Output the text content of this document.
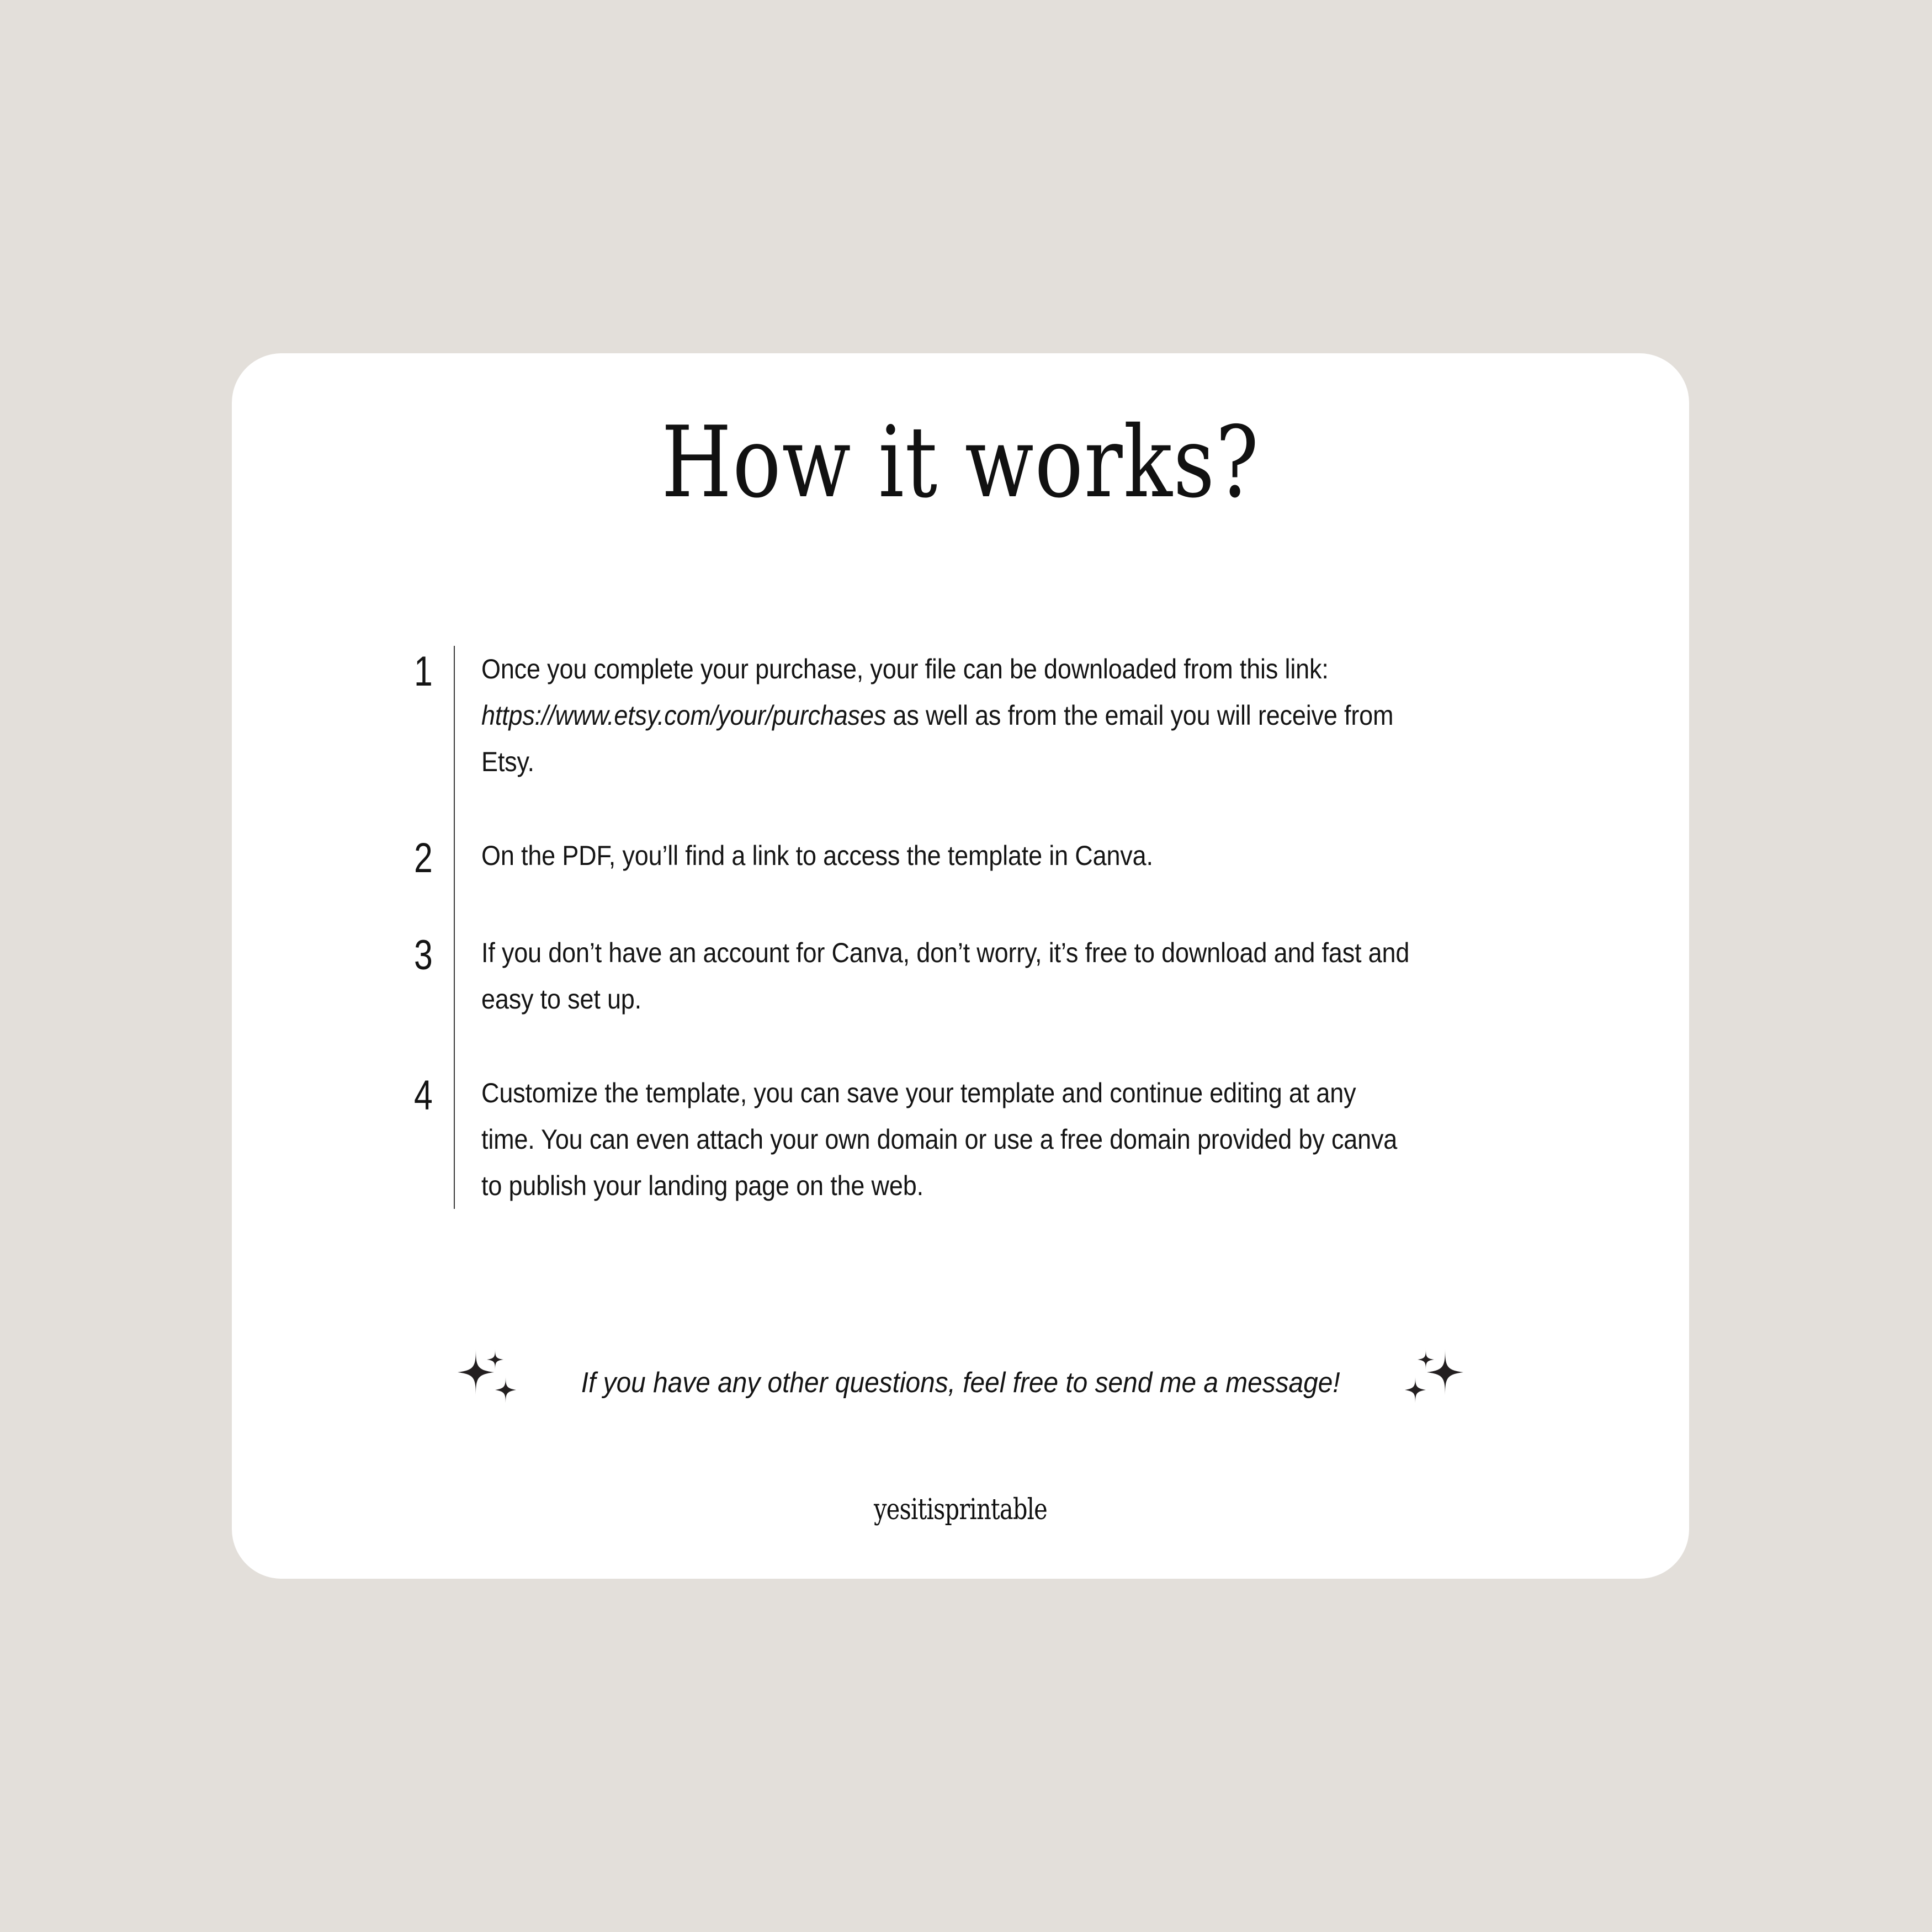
How it works?
1	Once you complete your purchase, your file can be downloaded from this link: https://www.etsy.com/your/purchases as well as from the email you will receive from Etsy.
2	On the PDF, you’ll find a link to access the template in Canva.
3	If you don’t have an account for Canva, don’t worry, it’s free to download and fast and easy to set up.
4	Customize the template, you can save your template and continue editing at any time. You can even attach your own domain or use a free domain provided by canva to publish your landing page on the web.
If you have any other questions, feel free to send me a message!
yesitisprintable
